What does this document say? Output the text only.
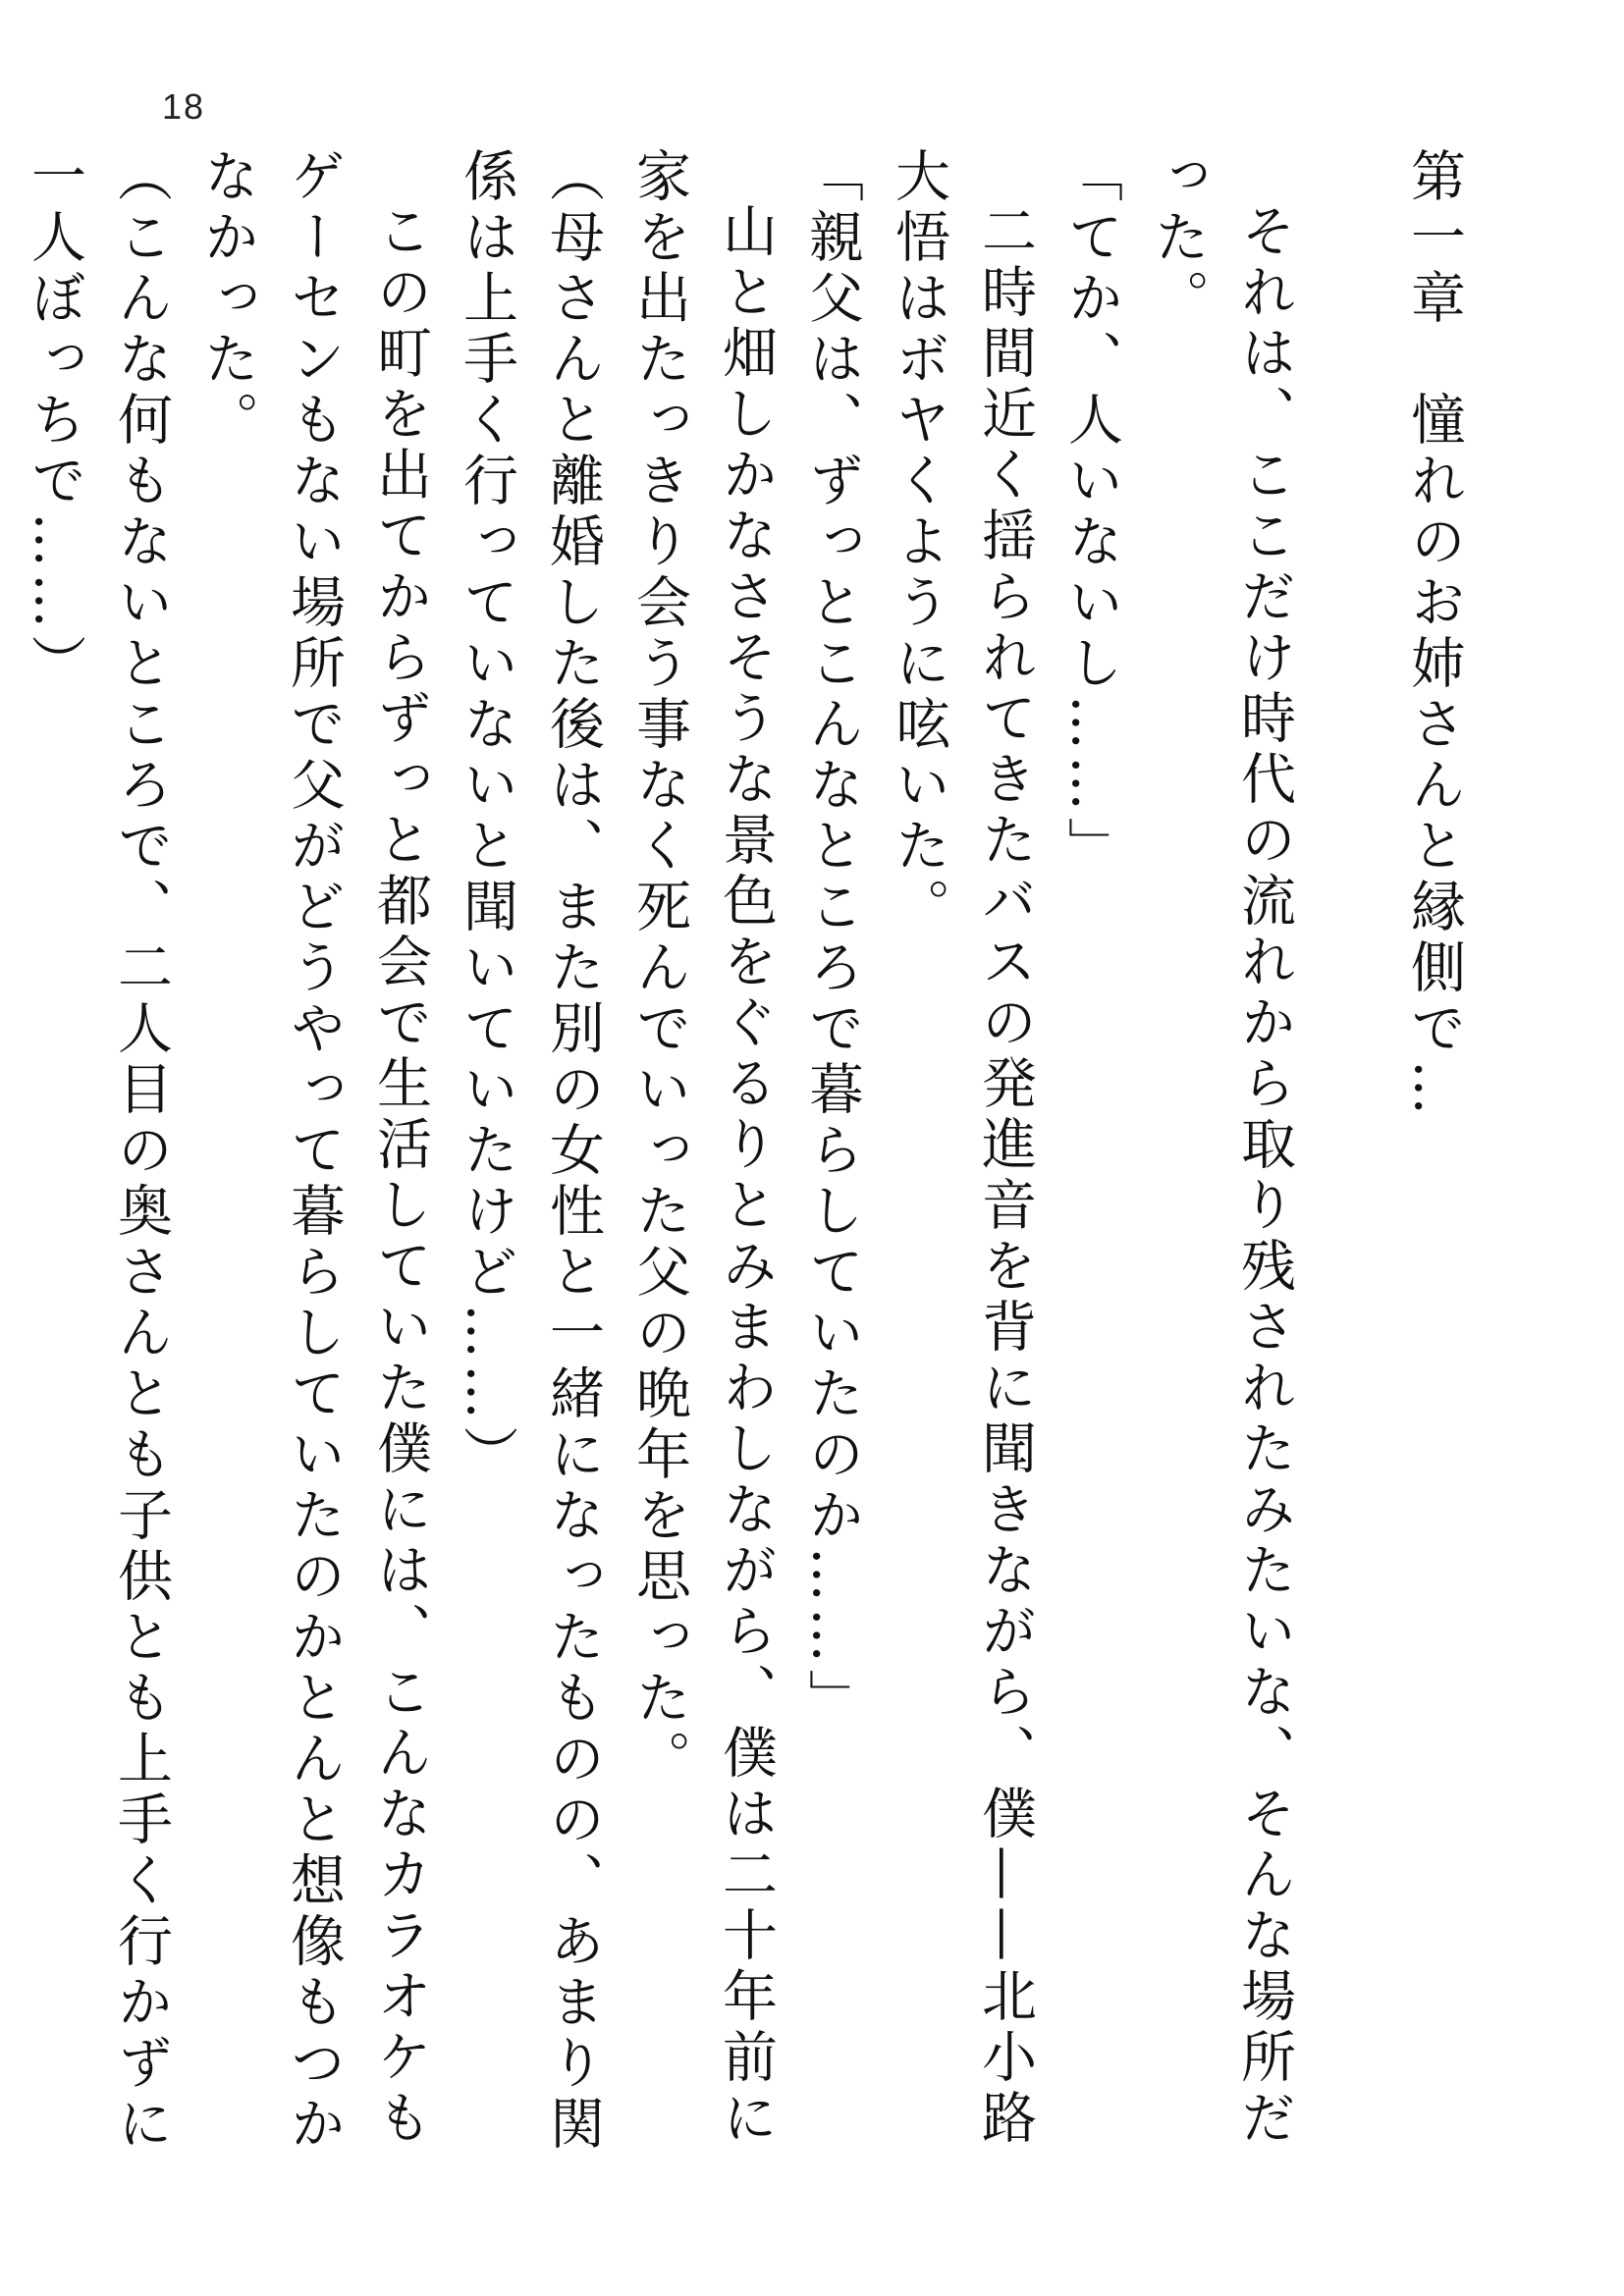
18
第一章　憧れのお姉さんと縁側で…

それは、ここだけ時代の流れから取り残されたみたいな、そんな場所だった。

「てか、人いないし……」

二時間近く揺られてきたバスの発進音を背に聞きながら、僕——北小路大悟はボヤくように呟いた。

「親父は、ずっとこんなところで暮らしていたのか……」

山と畑しかなさそうな景色をぐるりとみまわしながら、僕は二十年前に家を出たっきり会う事なく死んでいった父の晩年を思った。

（母さんと離婚した後は、また別の女性と一緒になったものの、あまり関係は上手く行っていないと聞いていたけど……）

この町を出てからずっと都会で生活していた僕には、こんなカラオケもゲーセンもない場所で父がどうやって暮らしていたのかとんと想像もつかなかった。

（こんな何もないところで、二人目の奥さんとも子供とも上手く行かずに一人ぼっちで……）
